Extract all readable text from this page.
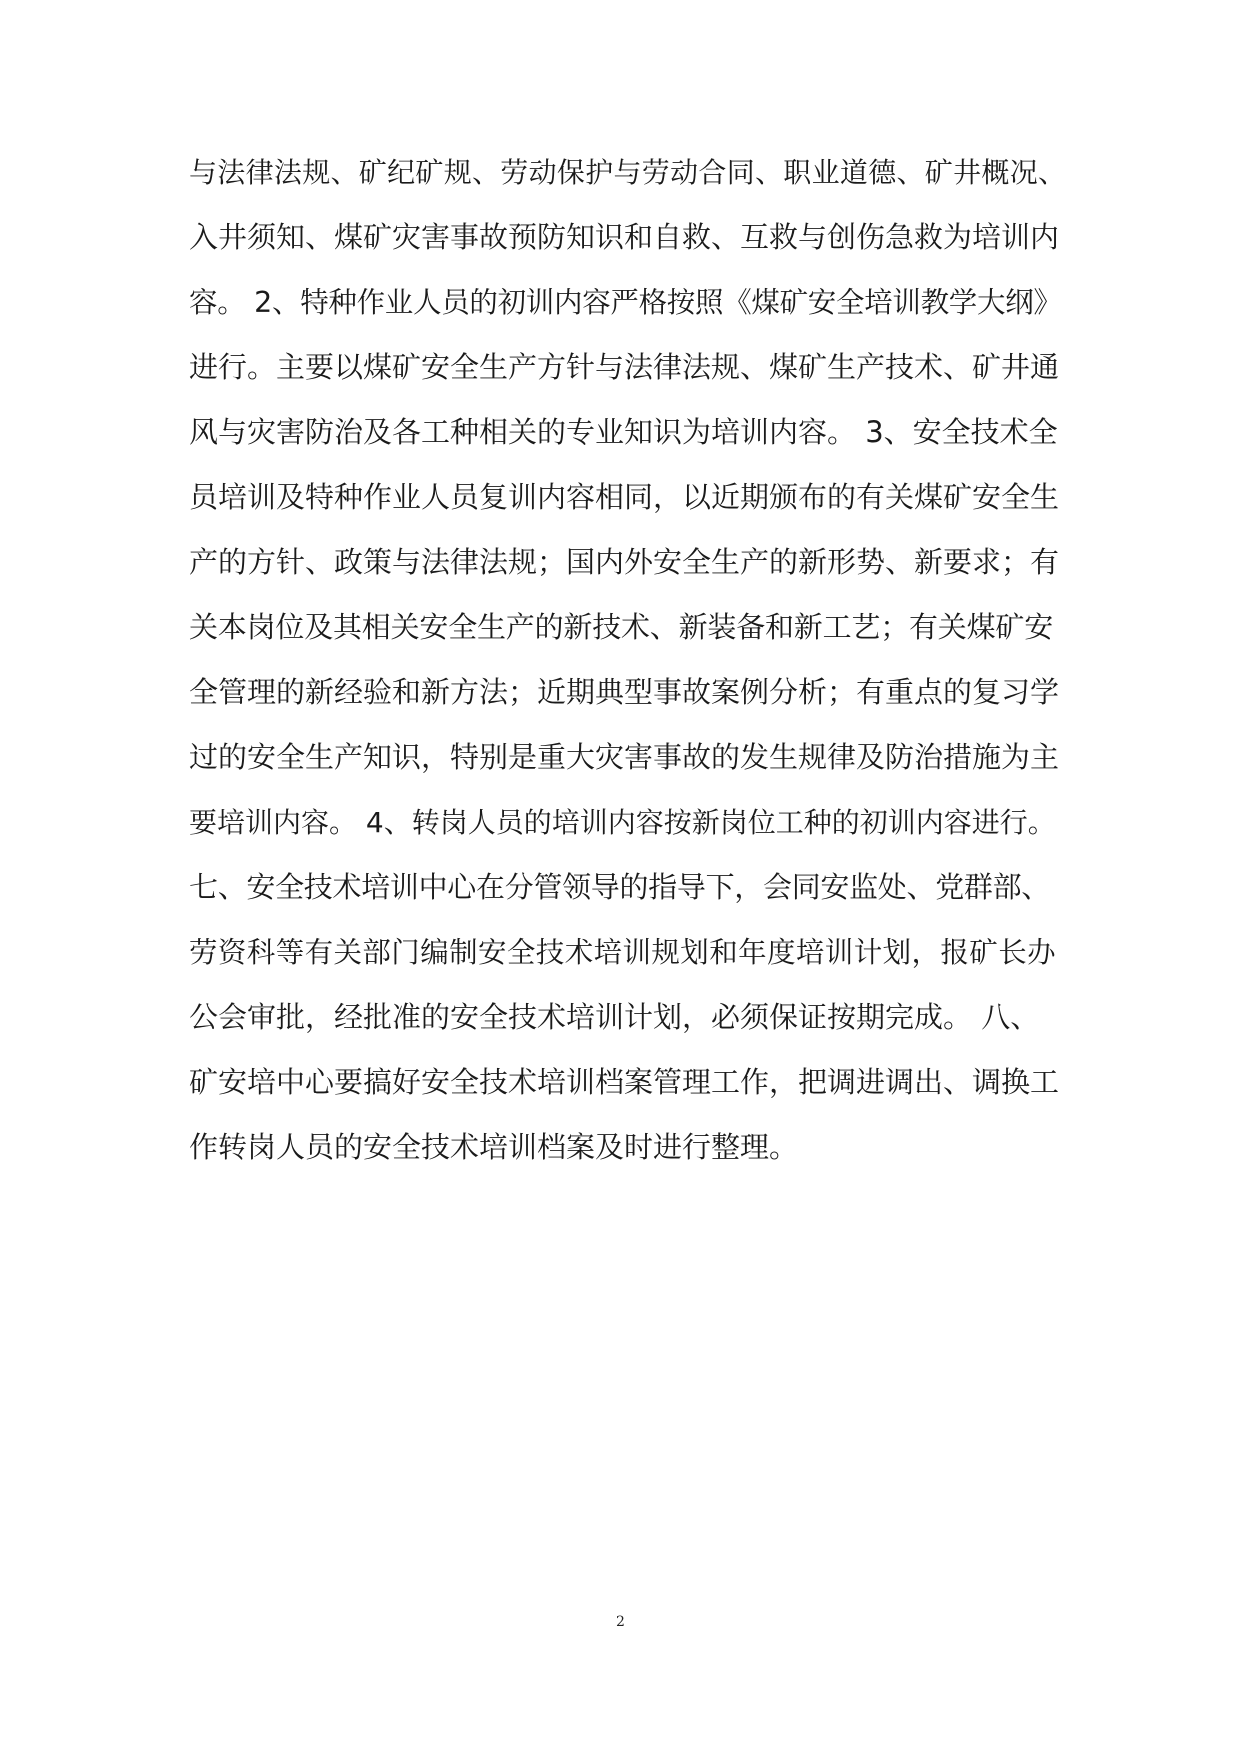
与法律法规、矿纪矿规、劳动保护与劳动合同、职业道德、矿井概况、
入井须知、煤矿灾害事故预防知识和自救、互救与创伤急救为培训内
容。 2、特种作业人员的初训内容严格按照《煤矿安全培训教学大纲》
进行。主要以煤矿安全生产方针与法律法规、煤矿生产技术、矿井通
风与灾害防治及各工种相关的专业知识为培训内容。 3、安全技术全
员培训及特种作业人员复训内容相同，以近期颁布的有关煤矿安全生
产的方针、政策与法律法规；国内外安全生产的新形势、新要求；有
关本岗位及其相关安全生产的新技术、新装备和新工艺；有关煤矿安
全管理的新经验和新方法；近期典型事故案例分析；有重点的复习学
过的安全生产知识，特别是重大灾害事故的发生规律及防治措施为主
要培训内容。 4、转岗人员的培训内容按新岗位工种的初训内容进行。
七、安全技术培训中心在分管领导的指导下，会同安监处、党群部、
劳资科等有关部门编制安全技术培训规划和年度培训计划，报矿长办
公会审批，经批准的安全技术培训计划，必须保证按期完成。 八、
矿安培中心要搞好安全技术培训档案管理工作，把调进调出、调换工
作转岗人员的安全技术培训档案及时进行整理。
2
